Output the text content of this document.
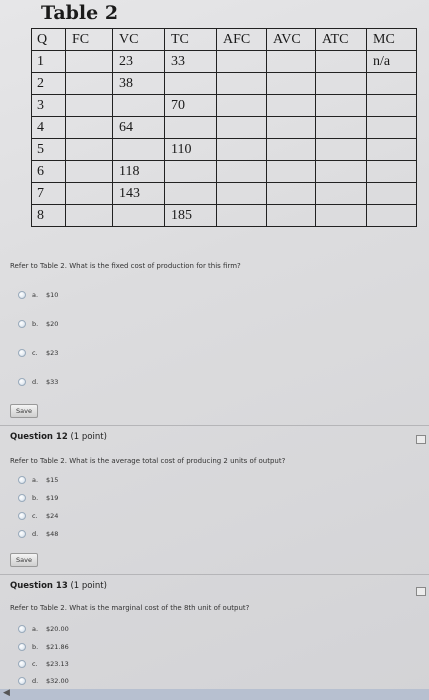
Table 2
Q	FC	VC	TC	AFC	AVC	ATC	MC
1		23	33				n/a
2		38					
3			70				
4		64					
5			110				
6		118					
7		143					
8			185				
Refer to Table 2. What is the fixed cost of production for this firm?
a. $10
b. $20
c.	$23
d. $33
Save
Question 12 (1 point)
Refer to Table 2. What is the average total cost of producing 2 units of output?
a. $15
b. $19
c.	$24
d. $48
Save
Question 13 (1 point)
Refer to Table 2. What is the marginal cost of the 8th unit of output?
a. $20.00
b. $21.86
c.	$23.13
d. $32.00
◀
